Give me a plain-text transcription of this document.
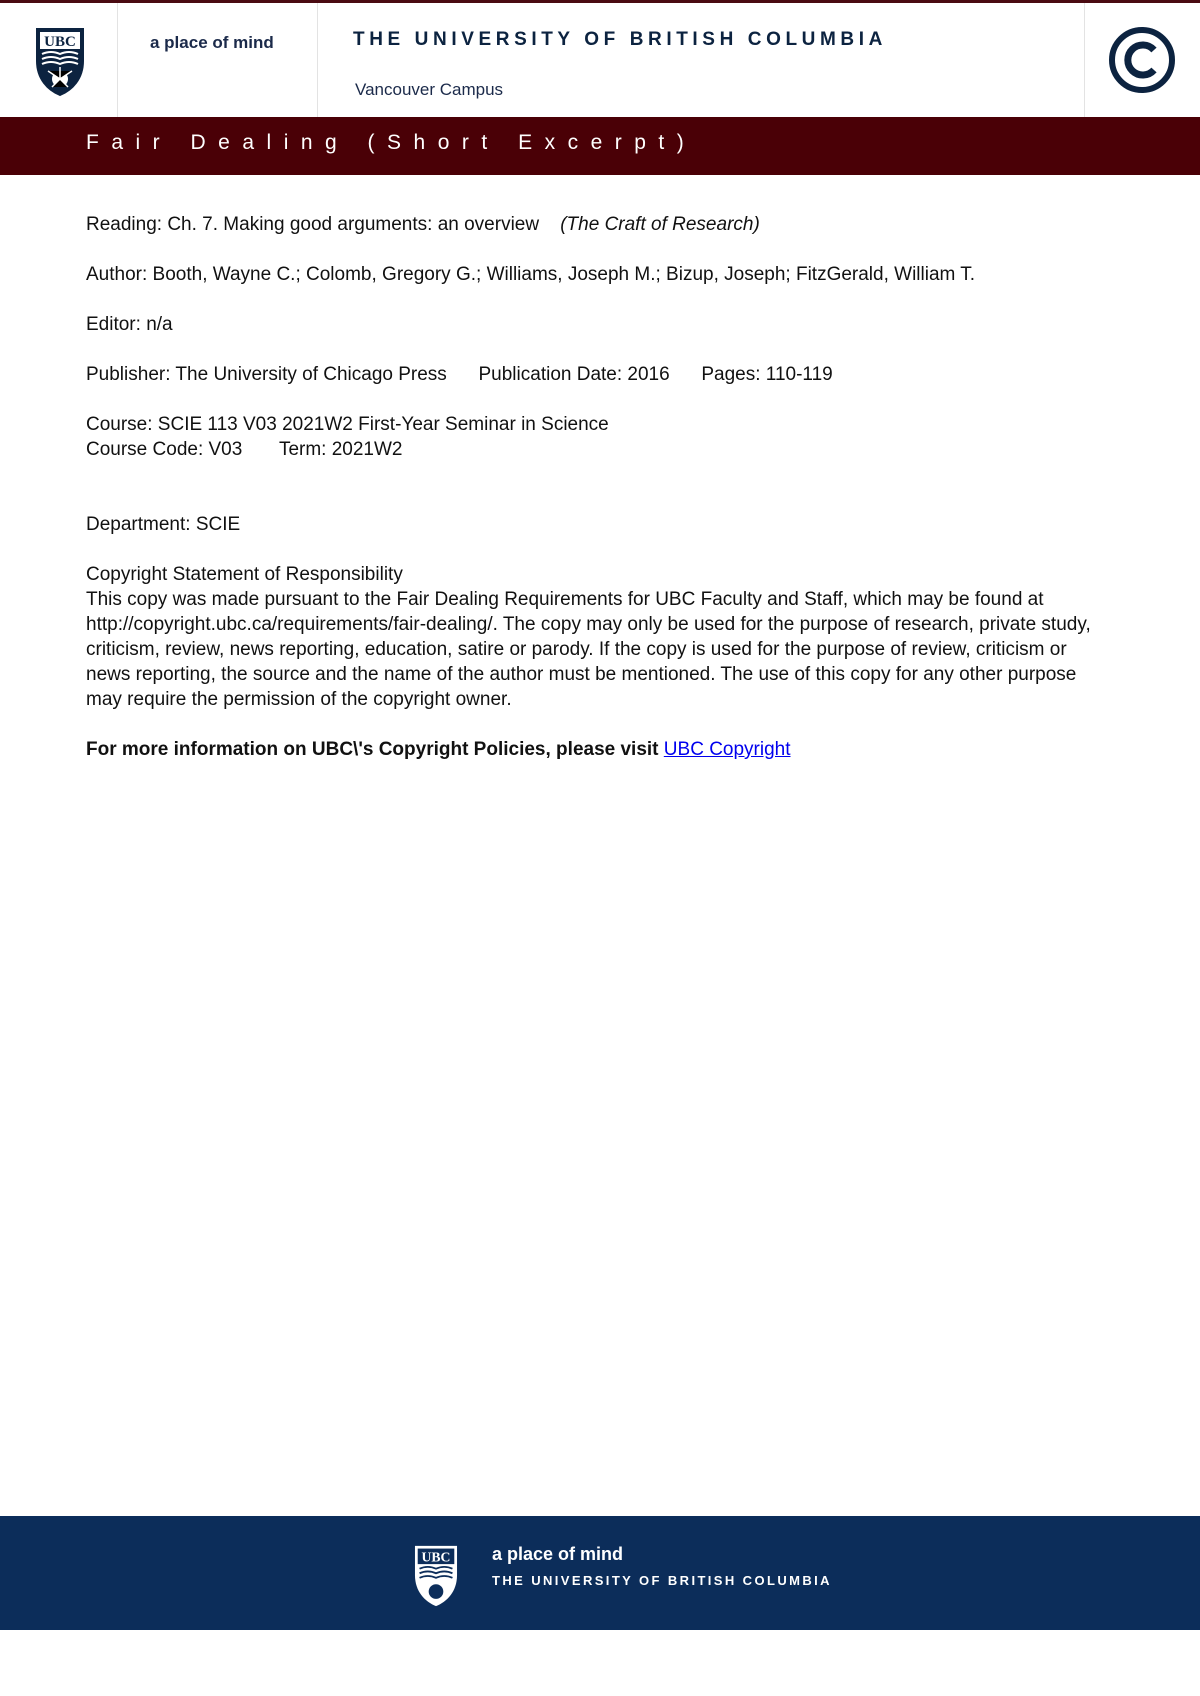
UBC	a place of mind	THE UNIVERSITY OF BRITISH COLUMBIA
Vancouver Campus
Fair Dealing (Short Excerpt)

Reading: Ch. 7. Making good arguments: an overview (The Craft of Research)

Author: Booth, Wayne C.; Colomb, Gregory G.; Williams, Joseph M.; Bizup, Joseph; FitzGerald, William T.

Editor: n/a

Publisher: The University of Chicago Press Publication Date: 2016 Pages: 110-119

Course: SCIE 113 V03 2021W2 First-Year Seminar in Science

Course Code: V03 Term: 2021W2

Department: SCIE

Copyright Statement of Responsibility

This copy was made pursuant to the Fair Dealing Requirements for UBC Faculty and Staff, which may be found at http://copyright.ubc.ca/requirements/fair-dealing/. The copy may only be used for the purpose of research, private study, criticism, review, news reporting, education, satire or parody. If the copy is used for the purpose of review, criticism or news reporting, the source and the name of the author must be mentioned. The use of this copy for any other purpose may require the permission of the copyright owner.

For more information on UBC\'s Copyright Policies, please visit UBC Copyright

UBC a place of mind
THE UNIVERSITY OF BRITISH COLUMBIA
